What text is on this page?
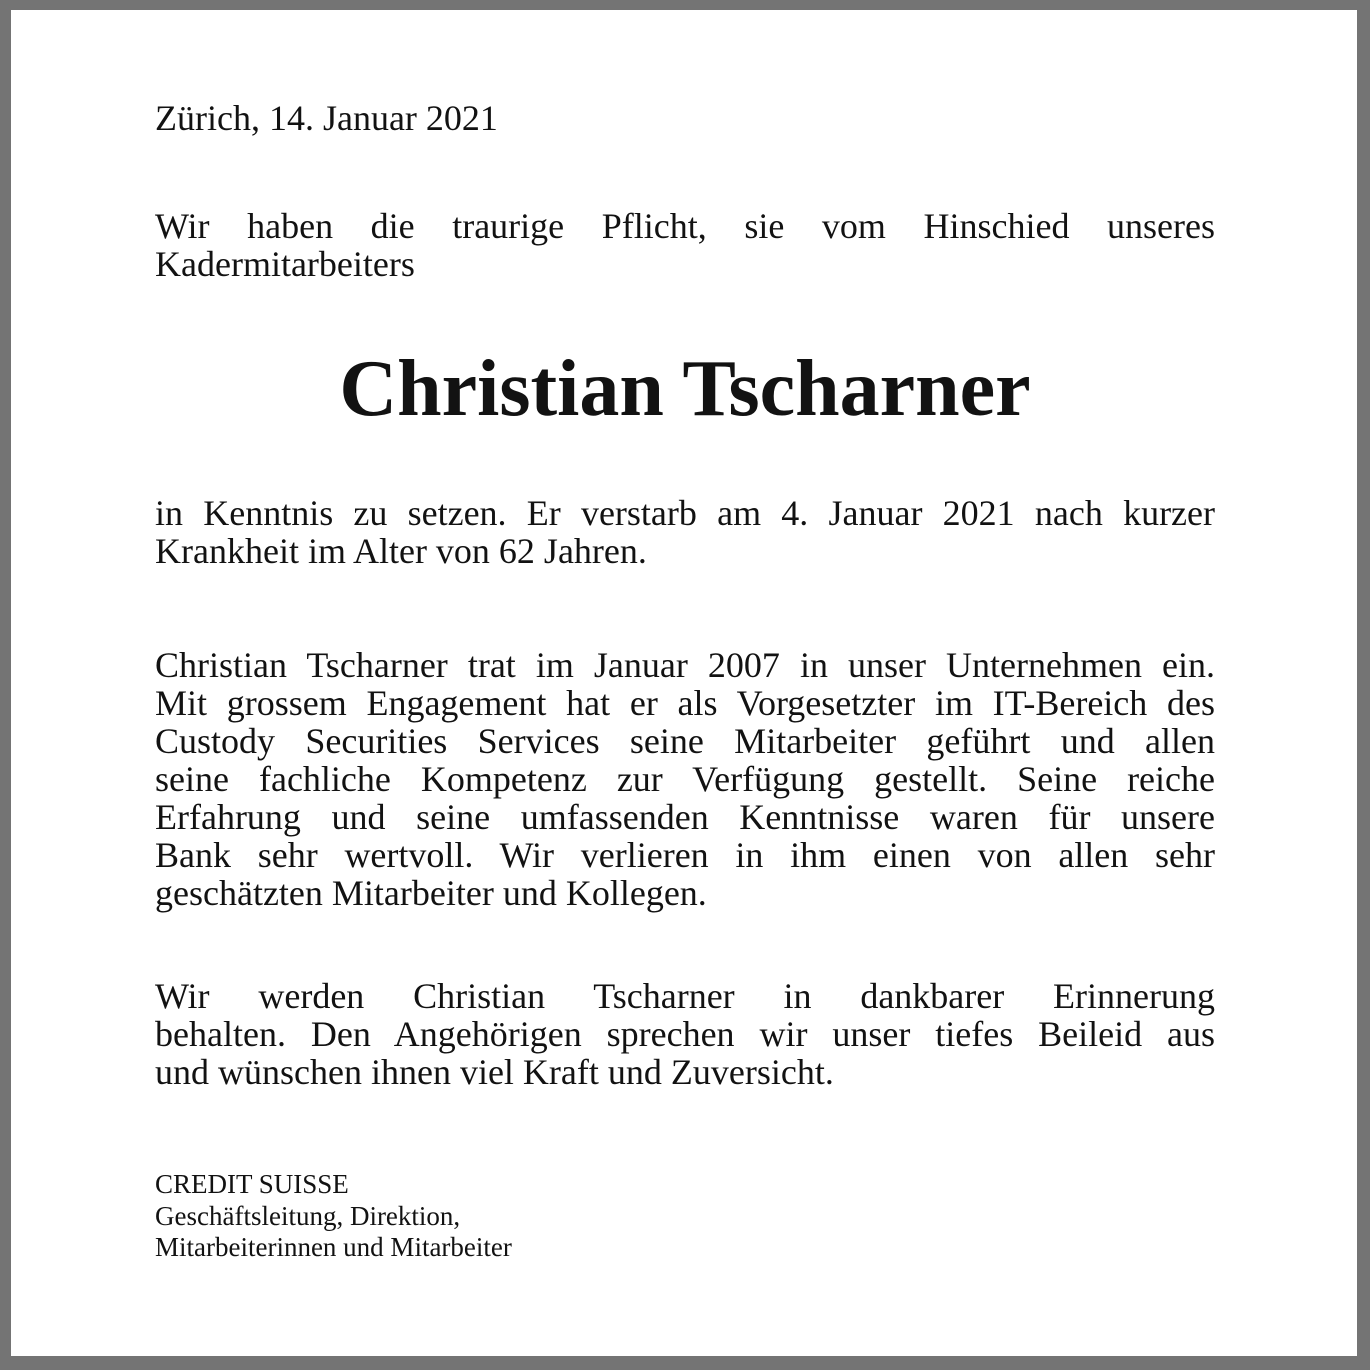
Zürich, 14. Januar 2021
Wir haben die traurige Pflicht, sie vom Hinschied unseres
Kadermitarbeiters
Christian Tscharner
in Kenntnis zu setzen. Er verstarb am 4. Januar 2021 nach kurzer
Krankheit im Alter von 62 Jahren.
Christian Tscharner trat im Januar 2007 in unser Unternehmen ein.
Mit grossem Engagement hat er als Vorgesetzter im IT-Bereich des
Custody Securities Services seine Mitarbeiter geführt und allen
seine fachliche Kompetenz zur Verfügung gestellt. Seine reiche
Erfahrung und seine umfassenden Kenntnisse waren für unsere
Bank sehr wertvoll. Wir verlieren in ihm einen von allen sehr
geschätzten Mitarbeiter und Kollegen.
Wir werden Christian Tscharner in dankbarer Erinnerung
behalten. Den Angehörigen sprechen wir unser tiefes Beileid aus
und wünschen ihnen viel Kraft und Zuversicht.
CREDIT SUISSE
Geschäftsleitung, Direktion,
Mitarbeiterinnen und Mitarbeiter
